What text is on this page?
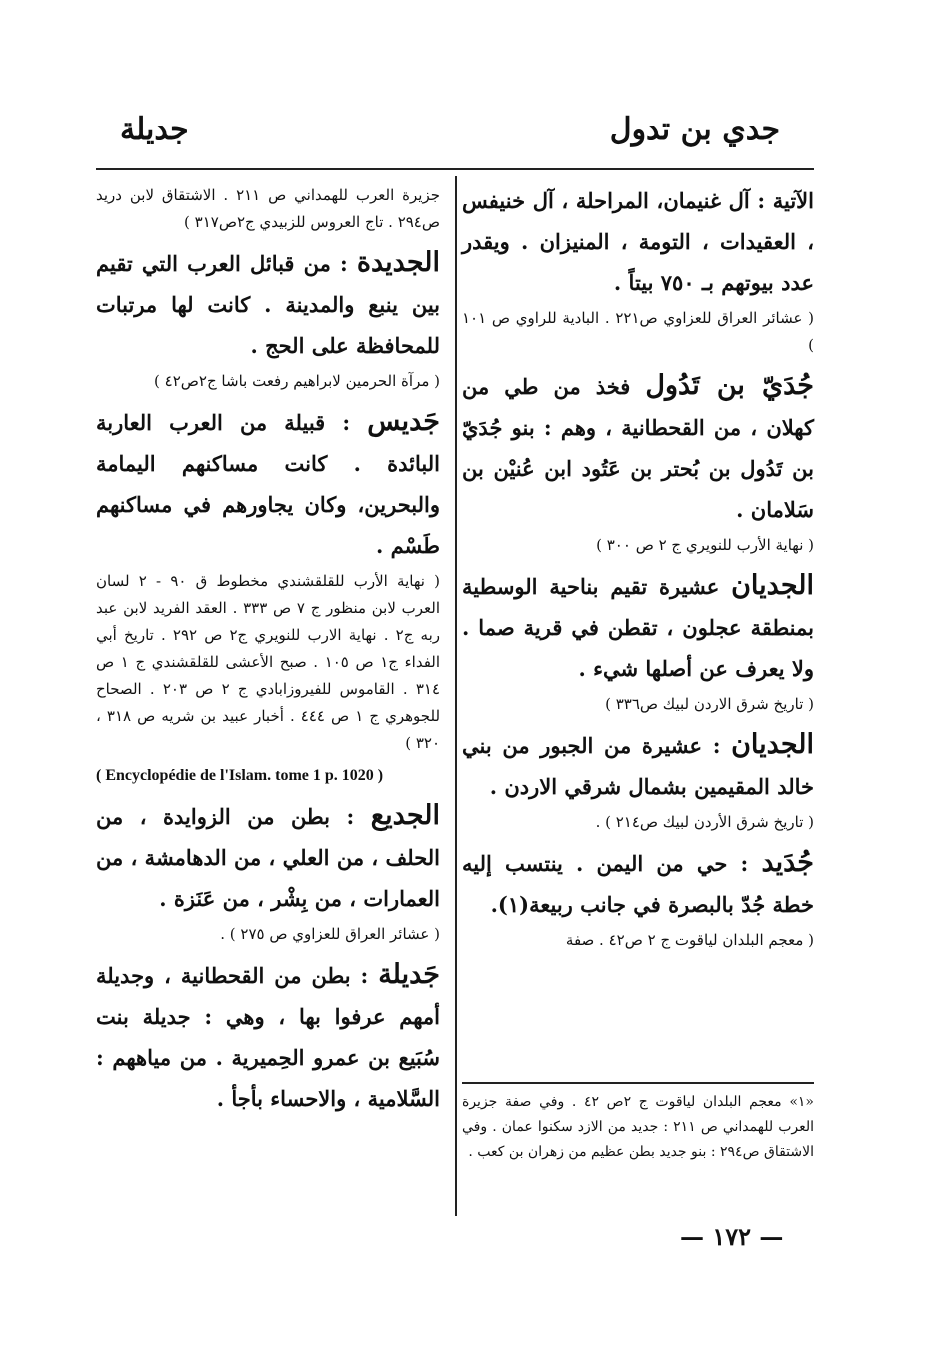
جدي بن تدول
جديلة

الآتية : آل غنيمان، المراحلة ، آل خنيفس ، العقيدات ، التومة ، المنيزان . ويقدر عدد بيوتهم بـ ٧٥٠ بيتاً .

( عشائر العراق للعزاوي ص٢٢١ . البادية للراوي ص ١٠١ )

جُدَيّ بن تَدُول فخذ من طي من كهلان ، من القحطانية ، وهم : بنو جُدَيّ بن تَدُول بن بُحتر بن عَتُود ابن عُنيْن بن سَلامان .

( نهاية الأرب للنويري ج ٢ ص ٣٠٠ )

الجديان عشيرة تقيم بناحية الوسطية بمنطقة عجلون ، تقطن في قرية صما . ولا يعرف عن أصلها شيء .

( تاريخ شرق الاردن لبيك ص٣٣٦ )

الجديان : عشيرة من الجبور من بني خالد المقيمين بشمال شرقي الاردن .

( تاريخ شرق الأردن لبيك ص٢١٤ ) .

جُدَيد : حي من اليمن . ينتسب إليه خطة جُدّ بالبصرة في جانب ربيعة(١).

( معجم البلدان لياقوت ج ٢ ص٤٢ . صفة

جزيرة العرب للهمداني ص ٢١١ . الاشتقاق لابن دريد ص٢٩٤ . تاج العروس للزبيدي ج٢ص٣١٧ )

الجديدة : من قبائل العرب التي تقيم بين ينبع والمدينة . كانت لها مرتبات للمحافظة على الحج .

( مرآة الحرمين لابراهيم رفعت باشا ج٢ص٤٢ )

جَديس : قبيلة من العرب العاربة البائدة . كانت مساكنهم اليمامة والبحرين، وكان يجاورهم في مساكنهم طَسْم .

( نهاية الأرب للقلقشندي مخطوط ق ٩٠ - ٢ لسان العرب لابن منظور ج ٧ ص ٣٣٣ . العقد الفريد لابن عبد ربه ج٢ . نهاية الارب للنويري ج٢ ص ٢٩٢ . تاريخ أبي الفداء ج١ ص ١٠٥ . صبح الأعشى للقلقشندي ج ١ ص ٣١٤ . القاموس للفيروزابادي ج ٢ ص ٢٠٣ . الصحاح للجوهري ج ١ ص ٤٤٤ . أخبار عبيد بن شريه ص ٣١٨ ، ٣٢٠ )

( Encyclopédie de l'Islam. tome 1 p. 1020 )

الجديع : بطن من الزوايدة ، من الحلف ، من العلي ، من الدهامشة ، من العمارات ، من بِشْر ، من عَنَزة .

( عشائر العراق للعزاوي ص ٢٧٥ ) .

جَديلة : بطن من القحطانية ، وجديلة أمهم عرفوا بها ، وهي : جديلة بنت سُبَيع بن عمرو الحِميرية . من مياههم : السَّلامية ، والاحساء بأجأ . «١» معجم البلدان لياقوت ج ٢ص ٤٢ . وفي صفة جزيرة العرب للهمداني ص ٢١١ : جديد من الازد سكنوا عمان . وفي الاشتقاق ص٢٩٤ : بنو جديد بطن عظيم من زهران بن كعب .
— ١٧٢ —
